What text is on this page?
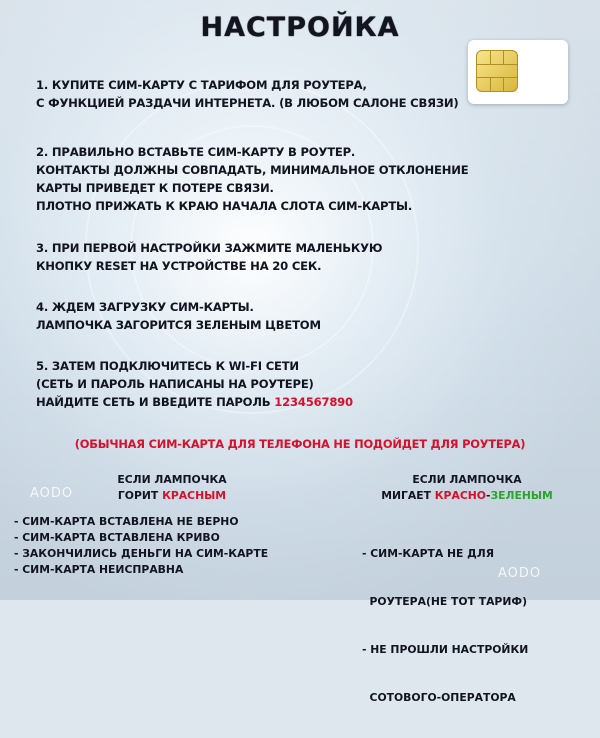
НАСТРОЙКА
1. КУПИТЕ СИМ-КАРТУ С ТАРИФОМ ДЛЯ РОУТЕРА,
С ФУНКЦИЕЙ РАЗДАЧИ ИНТЕРНЕТА. (В ЛЮБОМ САЛОНЕ СВЯЗИ)
2. ПРАВИЛЬНО ВСТАВЬТЕ СИМ-КАРТУ В РОУТЕР.
КОНТАКТЫ ДОЛЖНЫ СОВПАДАТЬ, МИНИМАЛЬНОЕ ОТКЛОНЕНИЕ
КАРТЫ ПРИВЕДЕТ К ПОТЕРЕ СВЯЗИ.
ПЛОТНО ПРИЖАТЬ К КРАЮ НАЧАЛА СЛОТА СИМ-КАРТЫ.
3. ПРИ ПЕРВОЙ НАСТРОЙКИ ЗАЖМИТЕ МАЛЕНЬКУЮ
КНОПКУ RESET НА УСТРОЙСТВЕ НА 20 СЕК.
4. ЖДЕМ ЗАГРУЗКУ СИМ-КАРТЫ.
ЛАМПОЧКА ЗАГОРИТСЯ ЗЕЛЕНЫМ ЦВЕТОМ
5. ЗАТЕМ ПОДКЛЮЧИТЕСЬ К WI-FI СЕТИ
(СЕТЬ И ПАРОЛЬ НАПИСАНЫ НА РОУТЕРЕ)
НАЙДИТЕ СЕТЬ И ВВЕДИТЕ ПАРОЛЬ 1234567890
(ОБЫЧНАЯ СИМ-КАРТА ДЛЯ ТЕЛЕФОНА НЕ ПОДОЙДЕТ ДЛЯ РОУТЕРА)
ЕСЛИ ЛАМПОЧКА
ГОРИТ КРАСНЫМ
ЕСЛИ ЛАМПОЧКА
МИГАЕТ КРАСНО-ЗЕЛЕНЫМ
- СИМ-КАРТА ВСТАВЛЕНА НЕ ВЕРНО
- СИМ-КАРТА ВСТАВЛЕНА КРИВО
- ЗАКОНЧИЛИСЬ ДЕНЬГИ НА СИМ-КАРТЕ
- СИМ-КАРТА НЕИСПРАВНА

- СИМ-КАРТА НЕ ДЛЯ

РОУТЕРА(НЕ ТОТ ТАРИФ)

- НЕ ПРОШЛИ НАСТРОЙКИ

СОТОВОГО-ОПЕРАТОРА

AODO
AODO
